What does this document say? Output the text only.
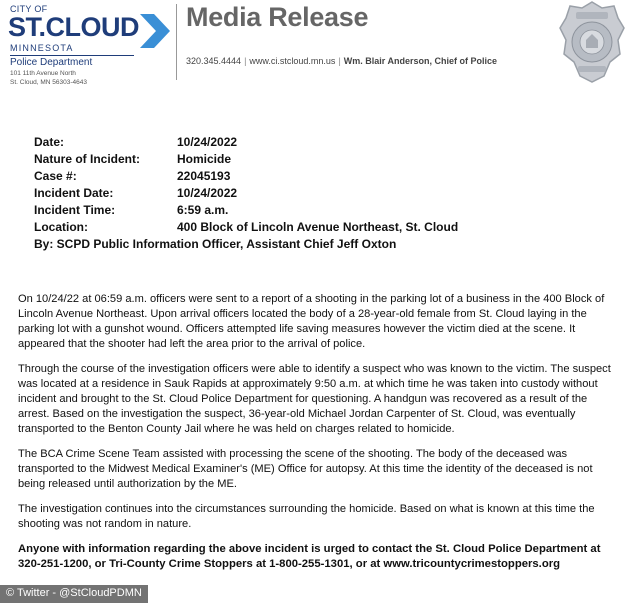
CITY OF
ST.CLOUD
MINNESOTA
Police Department
101 11th Avenue North
St. Cloud, MN 56303-4643
Media Release
320.345.4444 | www.ci.stcloud.mn.us | Wm. Blair Anderson, Chief of Police
Date:	10/24/2022
Nature of Incident:	Homicide
Case #:	22045193
Incident Date:	10/24/2022
Incident Time:	6:59 a.m.
Location:	400 Block of Lincoln Avenue Northeast, St. Cloud
By: SCPD Public Information Officer, Assistant Chief Jeff Oxton

On 10/24/22 at 06:59 a.m. officers were sent to a report of a shooting in the parking lot of a business in the 400 Block of Lincoln Avenue Northeast. Upon arrival officers located the body of a 28-year-old female from St. Cloud laying in the parking lot with a gunshot wound. Officers attempted life saving measures however the victim died at the scene. It appeared that the shooter had left the area prior to the arrival of police.

Through the course of the investigation officers were able to identify a suspect who was known to the victim. The suspect was located at a residence in Sauk Rapids at approximately 9:50 a.m. at which time he was taken into custody without incident and brought to the St. Cloud Police Department for questioning. A handgun was recovered as a result of the arrest. Based on the investigation the suspect, 36-year-old Michael Jordan Carpenter of St. Cloud, was eventually transported to the Benton County Jail where he was held on charges related to homicide.

The BCA Crime Scene Team assisted with processing the scene of the shooting. The body of the deceased was transported to the Midwest Medical Examiner's (ME) Office for autopsy. At this time the identity of the deceased is not being released until authorization by the ME.

The investigation continues into the circumstances surrounding the homicide. Based on what is known at this time the shooting was not random in nature.

Anyone with information regarding the above incident is urged to contact the St. Cloud Police Department at 320-251-1200, or Tri-County Crime Stoppers at 1-800-255-1301, or at www.tricountycrimestoppers.org

© Twitter - @StCloudPDMN
